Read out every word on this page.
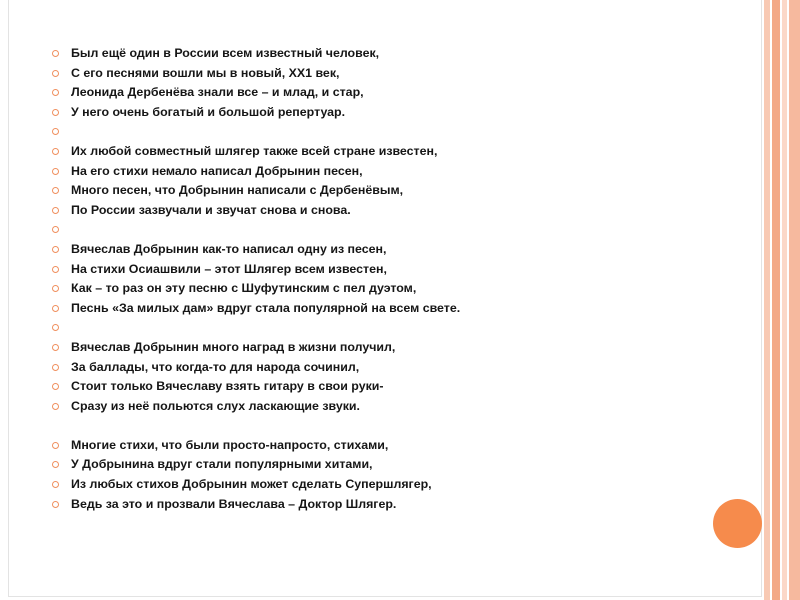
Был ещё один в России всем известный человек,
С его песнями вошли мы в новый, ХХ1 век,
Леонида Дербенёва знали все – и млад, и стар,
У него очень богатый и большой репертуар.
Их любой совместный шлягер также всей стране известен,
На его стихи немало написал Добрынин песен,
Много песен, что Добрынин написали с Дербенёвым,
По России зазвучали и звучат снова и снова.
Вячеслав Добрынин как-то написал одну из песен,
На стихи Осиашвили – этот Шлягер всем известен,
Как – то раз он эту песню с Шуфутинским с пел дуэтом,
Песнь «За милых дам» вдруг стала популярной на всем свете.
Вячеслав Добрынин много наград в жизни получил,
За баллады, что когда-то для народа сочинил,
Стоит только Вячеславу взять гитару в свои руки-
Сразу из неё польются слух ласкающие звуки.
Многие стихи, что были просто-напросто, стихами,
У Добрынина вдруг стали популярными хитами,
Из любых стихов Добрынин может сделать Супершлягер,
Ведь за это и прозвали Вячеслава – Доктор Шлягер.
